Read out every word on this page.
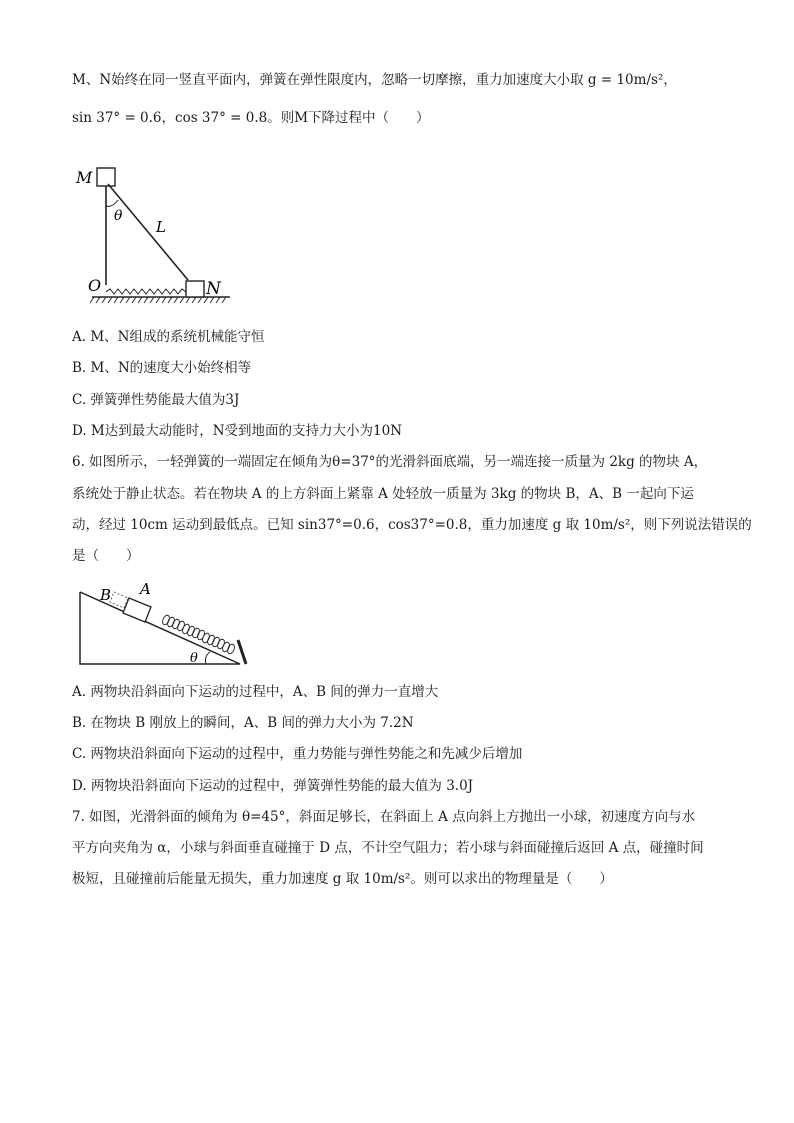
M、N始终在同一竖直平面内，弹簧在弹性限度内，忽略一切摩擦，重力加速度大小取 g = 10m/s²，
sin 37° = 0.6，cos 37° = 0.8。则M下降过程中（　　）
M
θ
L
O	N
A. M、N组成的系统机械能守恒
B. M、N的速度大小始终相等
C. 弹簧弹性势能最大值为3J
D. M达到最大动能时，N受到地面的支持力大小为10N
6. 如图所示，一轻弹簧的一端固定在倾角为θ=37°的光滑斜面底端，另一端连接一质量为 2kg 的物块 A，
系统处于静止状态。若在物块 A 的上方斜面上紧靠 A 处轻放一质量为 3kg 的物块 B，A、B 一起向下运
动，经过 10cm 运动到最低点。已知 sin37°=0.6，cos37°=0.8，重力加速度 g 取 10m/s²，则下列说法错误的
是（　　）
B A
θ
A. 两物块沿斜面向下运动的过程中，A、B 间的弹力一直增大
B. 在物块 B 刚放上的瞬间，A、B 间的弹力大小为 7.2N
C. 两物块沿斜面向下运动的过程中，重力势能与弹性势能之和先减少后增加
D. 两物块沿斜面向下运动的过程中，弹簧弹性势能的最大值为 3.0J
7. 如图，光滑斜面的倾角为 θ=45°，斜面足够长，在斜面上 A 点向斜上方抛出一小球，初速度方向与水
平方向夹角为 α，小球与斜面垂直碰撞于 D 点，不计空气阻力；若小球与斜面碰撞后返回 A 点，碰撞时间
极短，且碰撞前后能量无损失，重力加速度 g 取 10m/s²。则可以求出的物理量是（　　）
